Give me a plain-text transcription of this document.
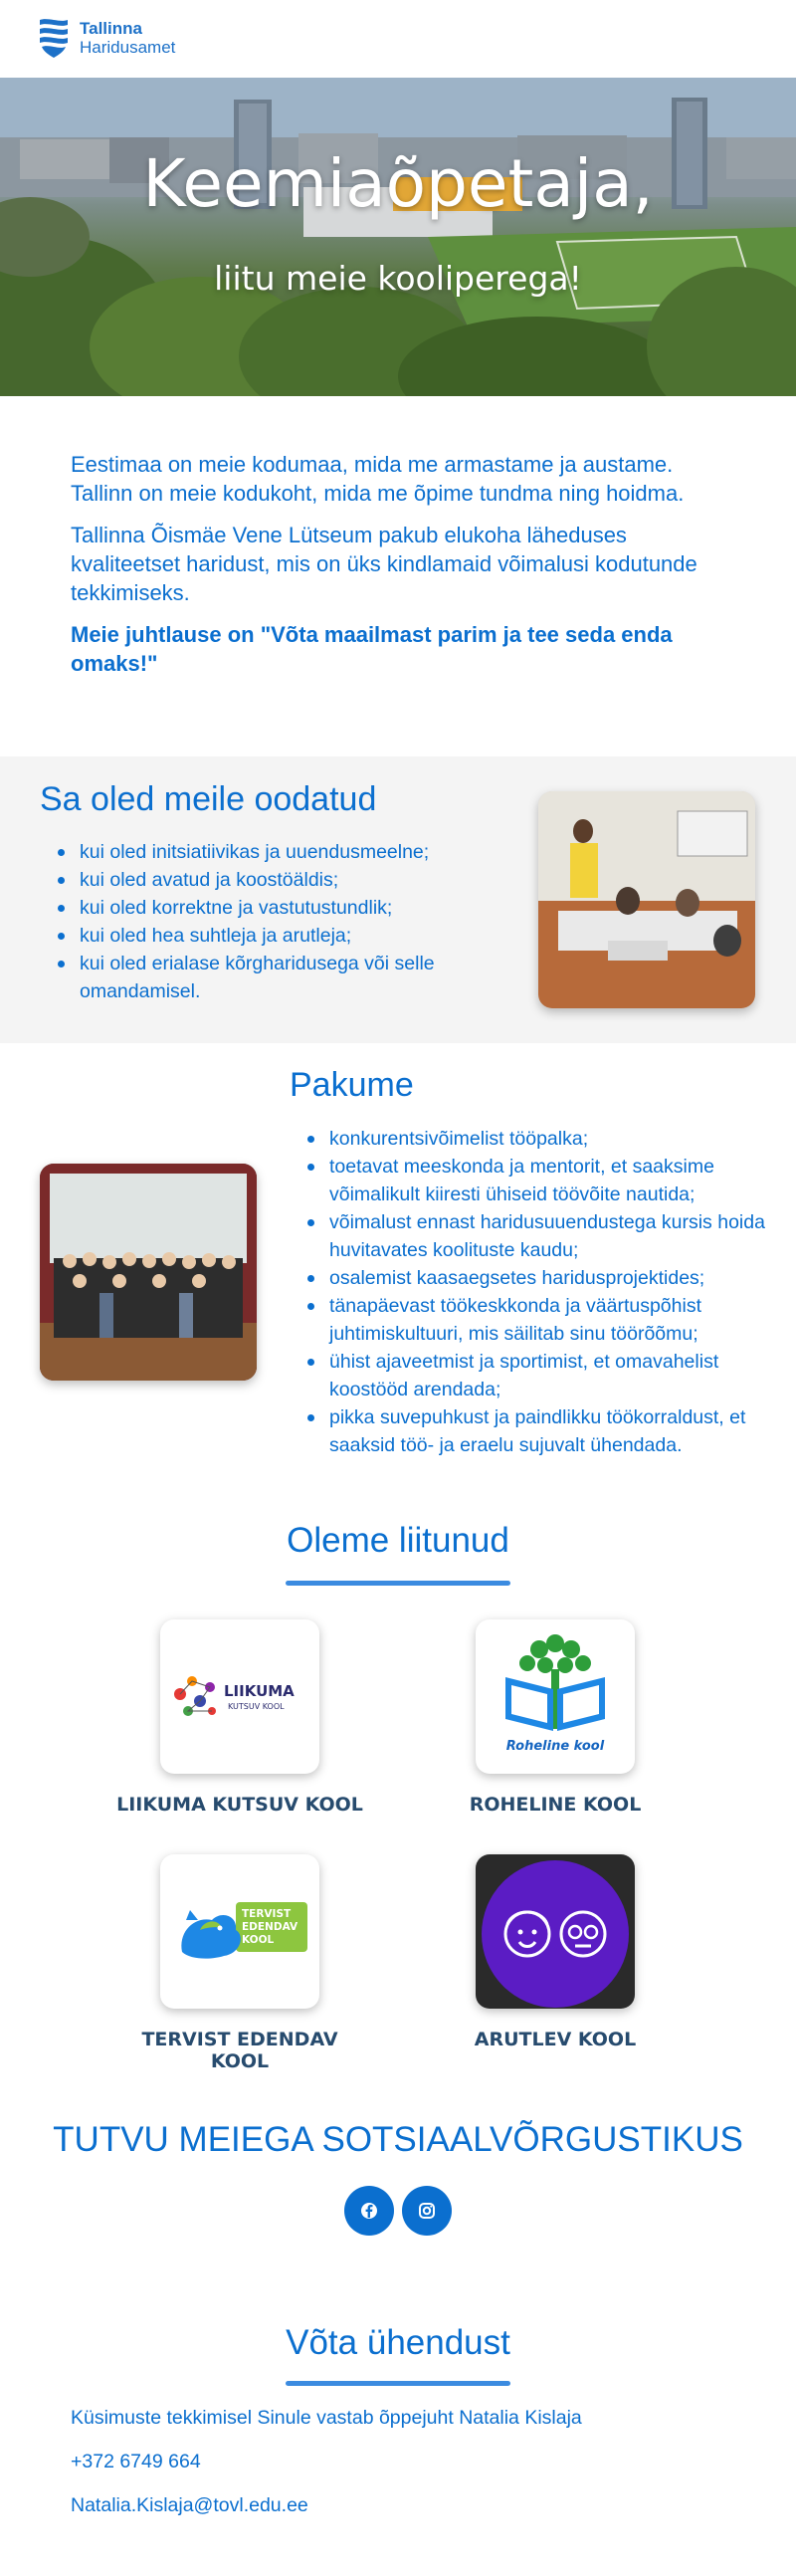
Tallinna
Haridusamet
Keemiaõpetaja,
liitu meie kooliperega!

Eestimaa on meie kodumaa, mida me armastame ja austame. Tallinn on meie kodukoht, mida me õpime tundma ning hoidma.

Tallinna Õismäe Vene Lütseum pakub elukoha läheduses kvaliteetset haridust, mis on üks kindlamaid võimalusi kodutunde tekkimiseks.

Meie juhtlause on "Võta maailmast parim ja tee seda enda omaks!"

Sa oled meile oodatud
kui oled initsiatiivikas ja uuendusmeelne;
kui oled avatud ja koostöäldis;
kui oled korrektne ja vastutustundlik;
kui oled hea suhtleja ja arutleja;
kui oled erialase kõrgharidusega või selle omandamisel.
Pakume
konkurentsivõimelist tööpalka;
toetavat meeskonda ja mentorit, et saaksime võimalikult kiiresti ühiseid töövõite nautida;
võimalust ennast haridusuuendustega kursis hoida huvitavates koolituste kaudu;
osalemist kaasaegsetes haridusprojektides;
tänapäevast töökeskkonda ja väärtuspõhist juhtimiskultuuri, mis säilitab sinu töörõõmu;
ühist ajaveetmist ja sportimist, et omavahelist koostööd arendada;
pikka suvepuhkust ja paindlikku töökorraldust, et saaksid töö- ja eraelu sujuvalt ühendada.
Oleme liitunud
LIIKUMA
KUTSUV KOOL
LIIKUMA KUTSUV KOOL
Roheline kool
ROHELINE KOOL
TERVIST
EDENDAV
KOOL
TERVIST EDENDAV KOOL
ARUTLEV KOOL
TUTVU MEIEGA SOTSIAALVÕRGUSTIKUS
Võta ühendust
Küsimuste tekkimisel Sinule vastab õppejuht Natalia Kislaja
+372 6749 664
Natalia.Kislaja@tovl.edu.ee
